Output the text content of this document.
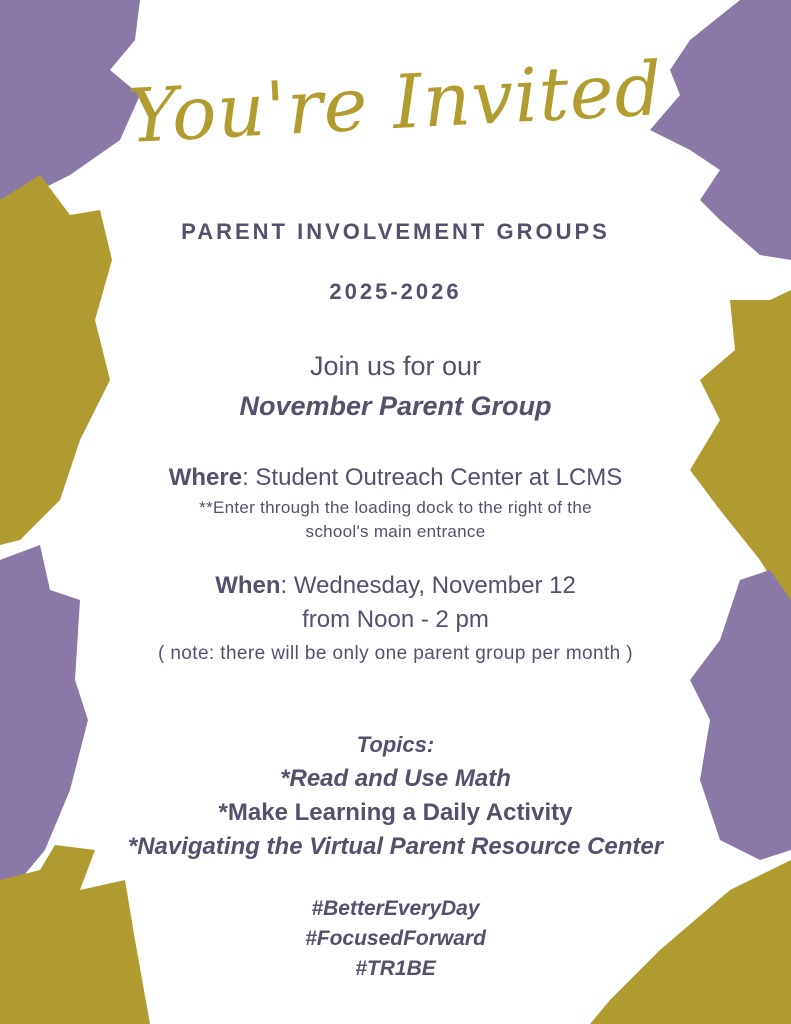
You're Invited
PARENT INVOLVEMENT GROUPS
2025-2026
Join us for our
November Parent Group
Where: Student Outreach Center at LCMS
**Enter through the loading dock to the right of the
school's main entrance
When: Wednesday, November 12
from Noon - 2 pm
( note: there will be only one parent group per month )
Topics:
*Read and Use Math
*Make Learning a Daily Activity
*Navigating the Virtual Parent Resource Center
#BetterEveryDay
#FocusedForward
#TR1BE
